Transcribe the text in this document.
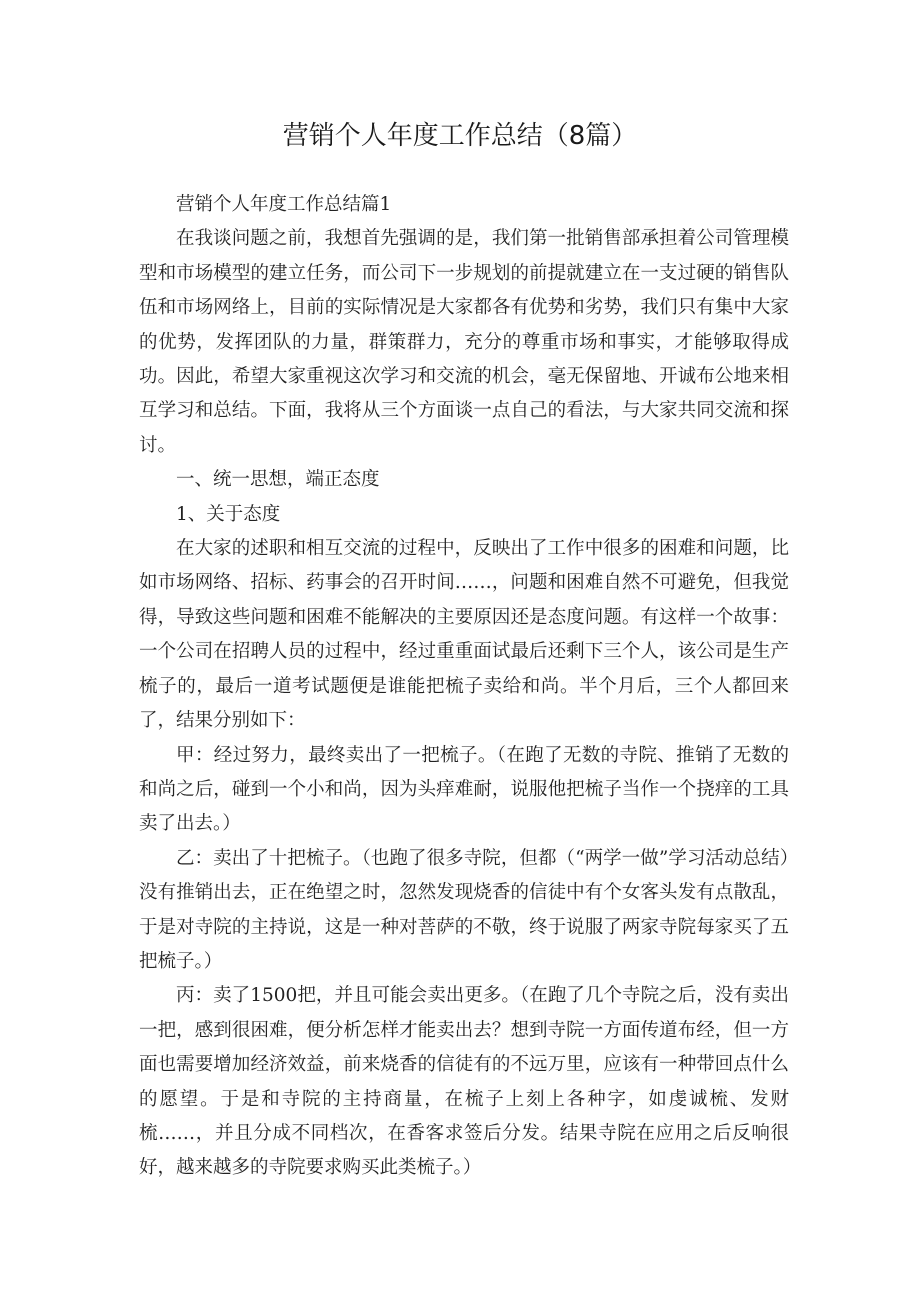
营销个人年度工作总结（8篇）

营销个人年度工作总结篇1

在我谈问题之前，我想首先强调的是，我们第一批销售部承担着公司管理模型和市场模型的建立任务，而公司下一步规划的前提就建立在一支过硬的销售队伍和市场网络上，目前的实际情况是大家都各有优势和劣势，我们只有集中大家的优势，发挥团队的力量，群策群力，充分的尊重市场和事实，才能够取得成功。因此，希望大家重视这次学习和交流的机会，毫无保留地、开诚布公地来相互学习和总结。下面，我将从三个方面谈一点自己的看法，与大家共同交流和探讨。

一、统一思想，端正态度

1、关于态度

在大家的述职和相互交流的过程中，反映出了工作中很多的困难和问题，比如市场网络、招标、药事会的召开时间……，问题和困难自然不可避免，但我觉得，导致这些问题和困难不能解决的主要原因还是态度问题。有这样一个故事：一个公司在招聘人员的过程中，经过重重面试最后还剩下三个人，该公司是生产梳子的，最后一道考试题便是谁能把梳子卖给和尚。半个月后，三个人都回来了，结果分别如下：

甲：经过努力，最终卖出了一把梳子。（在跑了无数的寺院、推销了无数的和尚之后，碰到一个小和尚，因为头痒难耐，说服他把梳子当作一个挠痒的工具卖了出去。）

乙：卖出了十把梳子。（也跑了很多寺院，但都（“两学一做”学习活动总结）没有推销出去，正在绝望之时，忽然发现烧香的信徒中有个女客头发有点散乱，于是对寺院的主持说，这是一种对菩萨的不敬，终于说服了两家寺院每家买了五把梳子。）

丙：卖了1500把，并且可能会卖出更多。（在跑了几个寺院之后，没有卖出一把，感到很困难，便分析怎样才能卖出去？想到寺院一方面传道布经，但一方面也需要增加经济效益，前来烧香的信徒有的不远万里，应该有一种带回点什么的愿望。于是和寺院的主持商量，在梳子上刻上各种字，如虔诚梳、发财梳……，并且分成不同档次，在香客求签后分发。结果寺院在应用之后反响很好，越来越多的寺院要求购买此类梳子。）
